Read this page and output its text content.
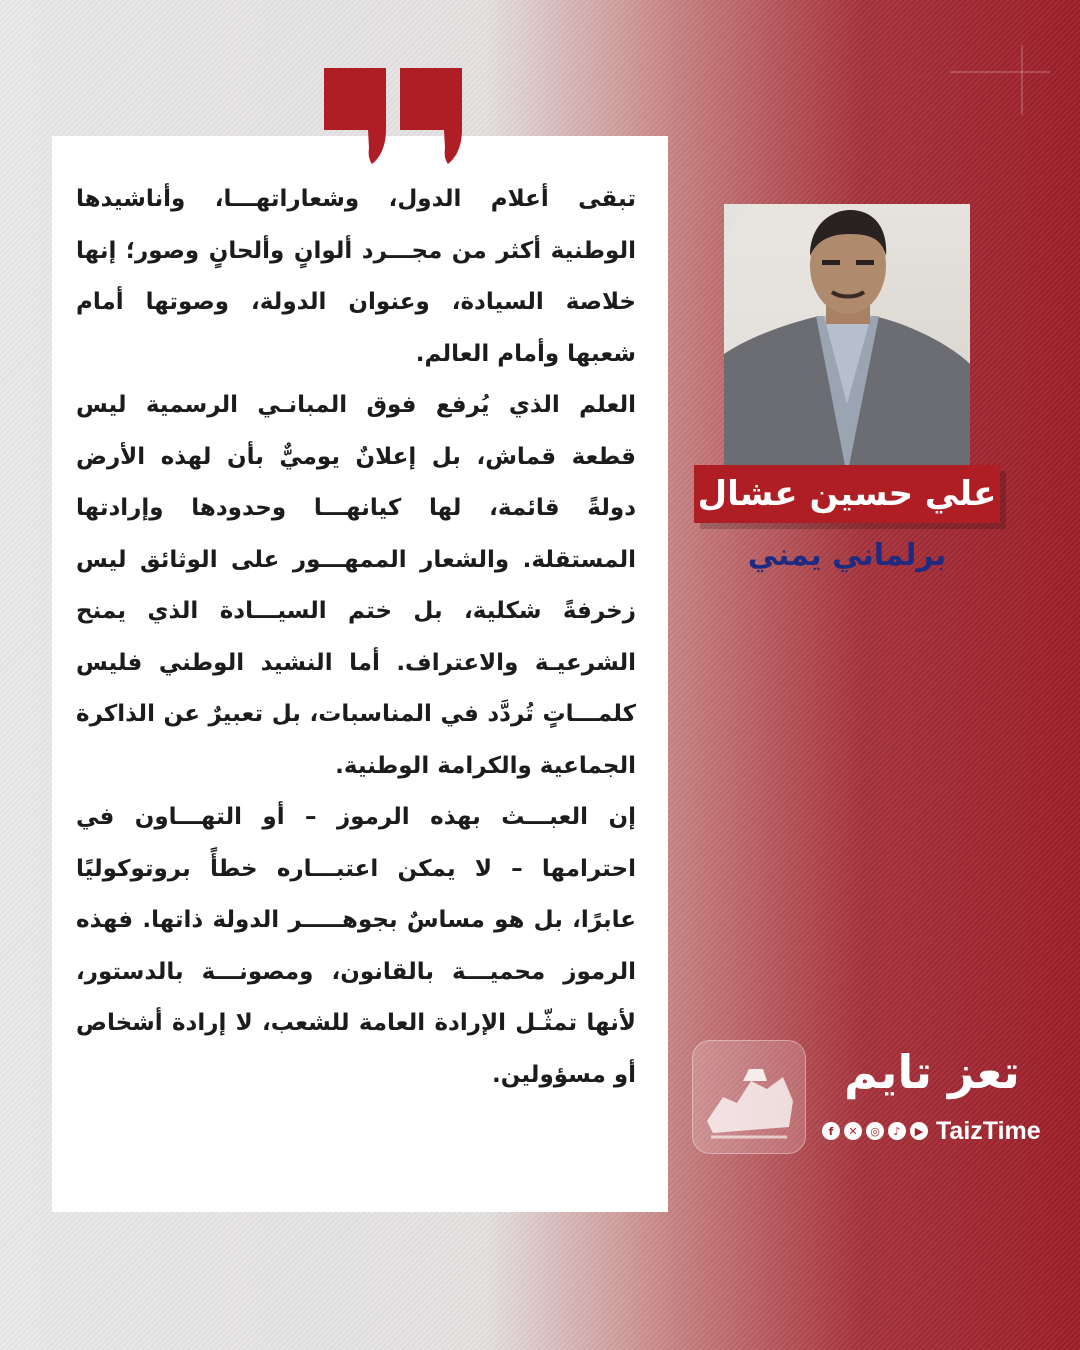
تبقى أعلام الدول، وشعاراتهـــا، وأناشيدها الوطنية أكثر من مجـــرد ألوانٍ وألحانٍ وصور؛ إنها خلاصة السيادة، وعنوان الدولة، وصوتها أمام شعبها وأمام العالم.

العلم الذي يُرفع فوق المبانـي الرسمية ليس قطعة قماش، بل إعلانٌ يوميٌّ بأن لهذه الأرض دولةً قائمة، لها كيانهـــا وحدودها وإرادتها المستقلة. والشعار الممهـــور على الوثائق ليس زخرفةً شكلية، بل ختم السيـــادة الذي يمنح الشرعيـة والاعتراف. أما النشيد الوطني فليس كلمـــاتٍ تُردَّد في المناسبات، بل تعبيرٌ عن الذاكرة الجماعية والكرامة الوطنية.

إن العبـــث بهذه الرموز – أو التهـــاون في احترامها – لا يمكن اعتبـــاره خطأً بروتوكوليًا عابرًا، بل هو مساسٌ بجوهـــــر الدولة ذاتها. فهذه الرموز محميـــة بالقانون، ومصونـــة بالدستور، لأنها تمثّـل الإرادة العامة للشعب، لا إرادة أشخاص أو مسؤولين.

علي حسين عشال
برلماني يمني
تعز تايم
f	✕	◎	♪	▶ TaizTime
